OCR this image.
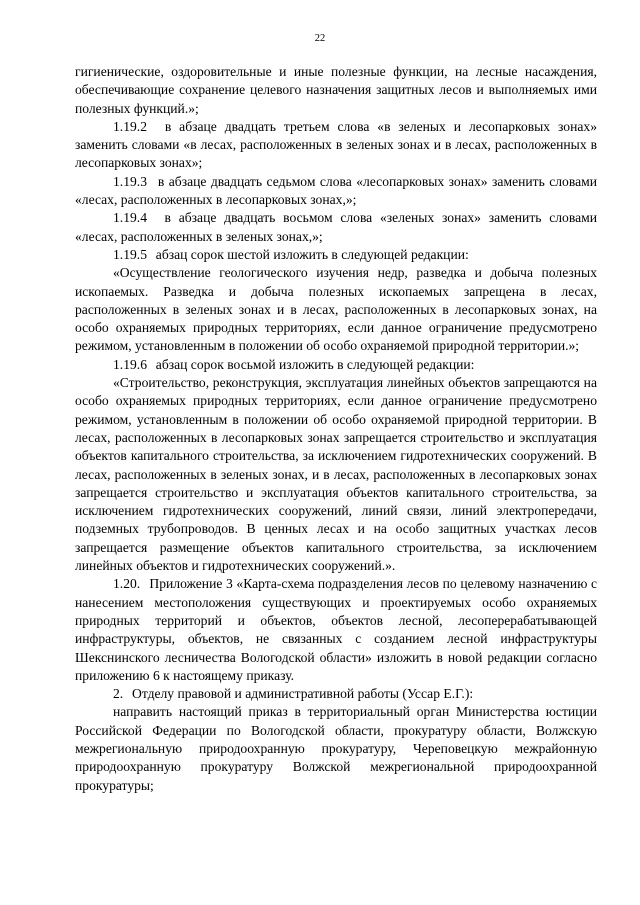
22

гигиенические, оздоровительные и иные полезные функции, на лесные насаждения, обеспечивающие сохранение целевого назначения защитных лесов и выполняемых ими полезных функций.»;

1.19.2 в абзаце двадцать третьем слова «в зеленых и лесопарковых зонах» заменить словами «в лесах, расположенных в зеленых зонах и в лесах, расположенных в лесопарковых зонах»;

1.19.3 в абзаце двадцать седьмом слова «лесопарковых зонах» заменить словами «лесах, расположенных в лесопарковых зонах,»;

1.19.4 в абзаце двадцать восьмом слова «зеленых зонах» заменить словами «лесах, расположенных в зеленых зонах,»;

1.19.5 абзац сорок шестой изложить в следующей редакции:

«Осуществление геологического изучения недр, разведка и добыча полезных ископаемых. Разведка и добыча полезных ископаемых запрещена в лесах, расположенных в зеленых зонах и в лесах, расположенных в лесопарковых зонах, на особо охраняемых природных территориях, если данное ограничение предусмотрено режимом, установленным в положении об особо охраняемой природной территории.»;

1.19.6 абзац сорок восьмой изложить в следующей редакции:

«Строительство, реконструкция, эксплуатация линейных объектов запрещаются на особо охраняемых природных территориях, если данное ограничение предусмотрено режимом, установленным в положении об особо охраняемой природной территории. В лесах, расположенных в лесопарковых зонах запрещается строительство и эксплуатация объектов капитального строительства, за исключением гидротехнических сооружений. В лесах, расположенных в зеленых зонах, и в лесах, расположенных в лесопарковых зонах запрещается строительство и эксплуатация объектов капитального строительства, за исключением гидротехнических сооружений, линий связи, линий электропередачи, подземных трубопроводов. В ценных лесах и на особо защитных участках лесов запрещается размещение объектов капитального строительства, за исключением линейных объектов и гидротехнических сооружений.».

1.20. Приложение 3 «Карта-схема подразделения лесов по целевому назначению с нанесением местоположения существующих и проектируемых особо охраняемых природных территорий и объектов, объектов лесной, лесоперерабатывающей инфраструктуры, объектов, не связанных с созданием лесной инфраструктуры Шекснинского лесничества Вологодской области» изложить в новой редакции согласно приложению 6 к настоящему приказу.

2. Отделу правовой и административной работы (Уссар Е.Г.):

направить настоящий приказ в территориальный орган Министерства юстиции Российской Федерации по Вологодской области, прокуратуру области, Волжскую межрегиональную природоохранную прокуратуру, Череповецкую межрайонную природоохранную прокуратуру Волжской межрегиональной природоохранной прокуратуры;
